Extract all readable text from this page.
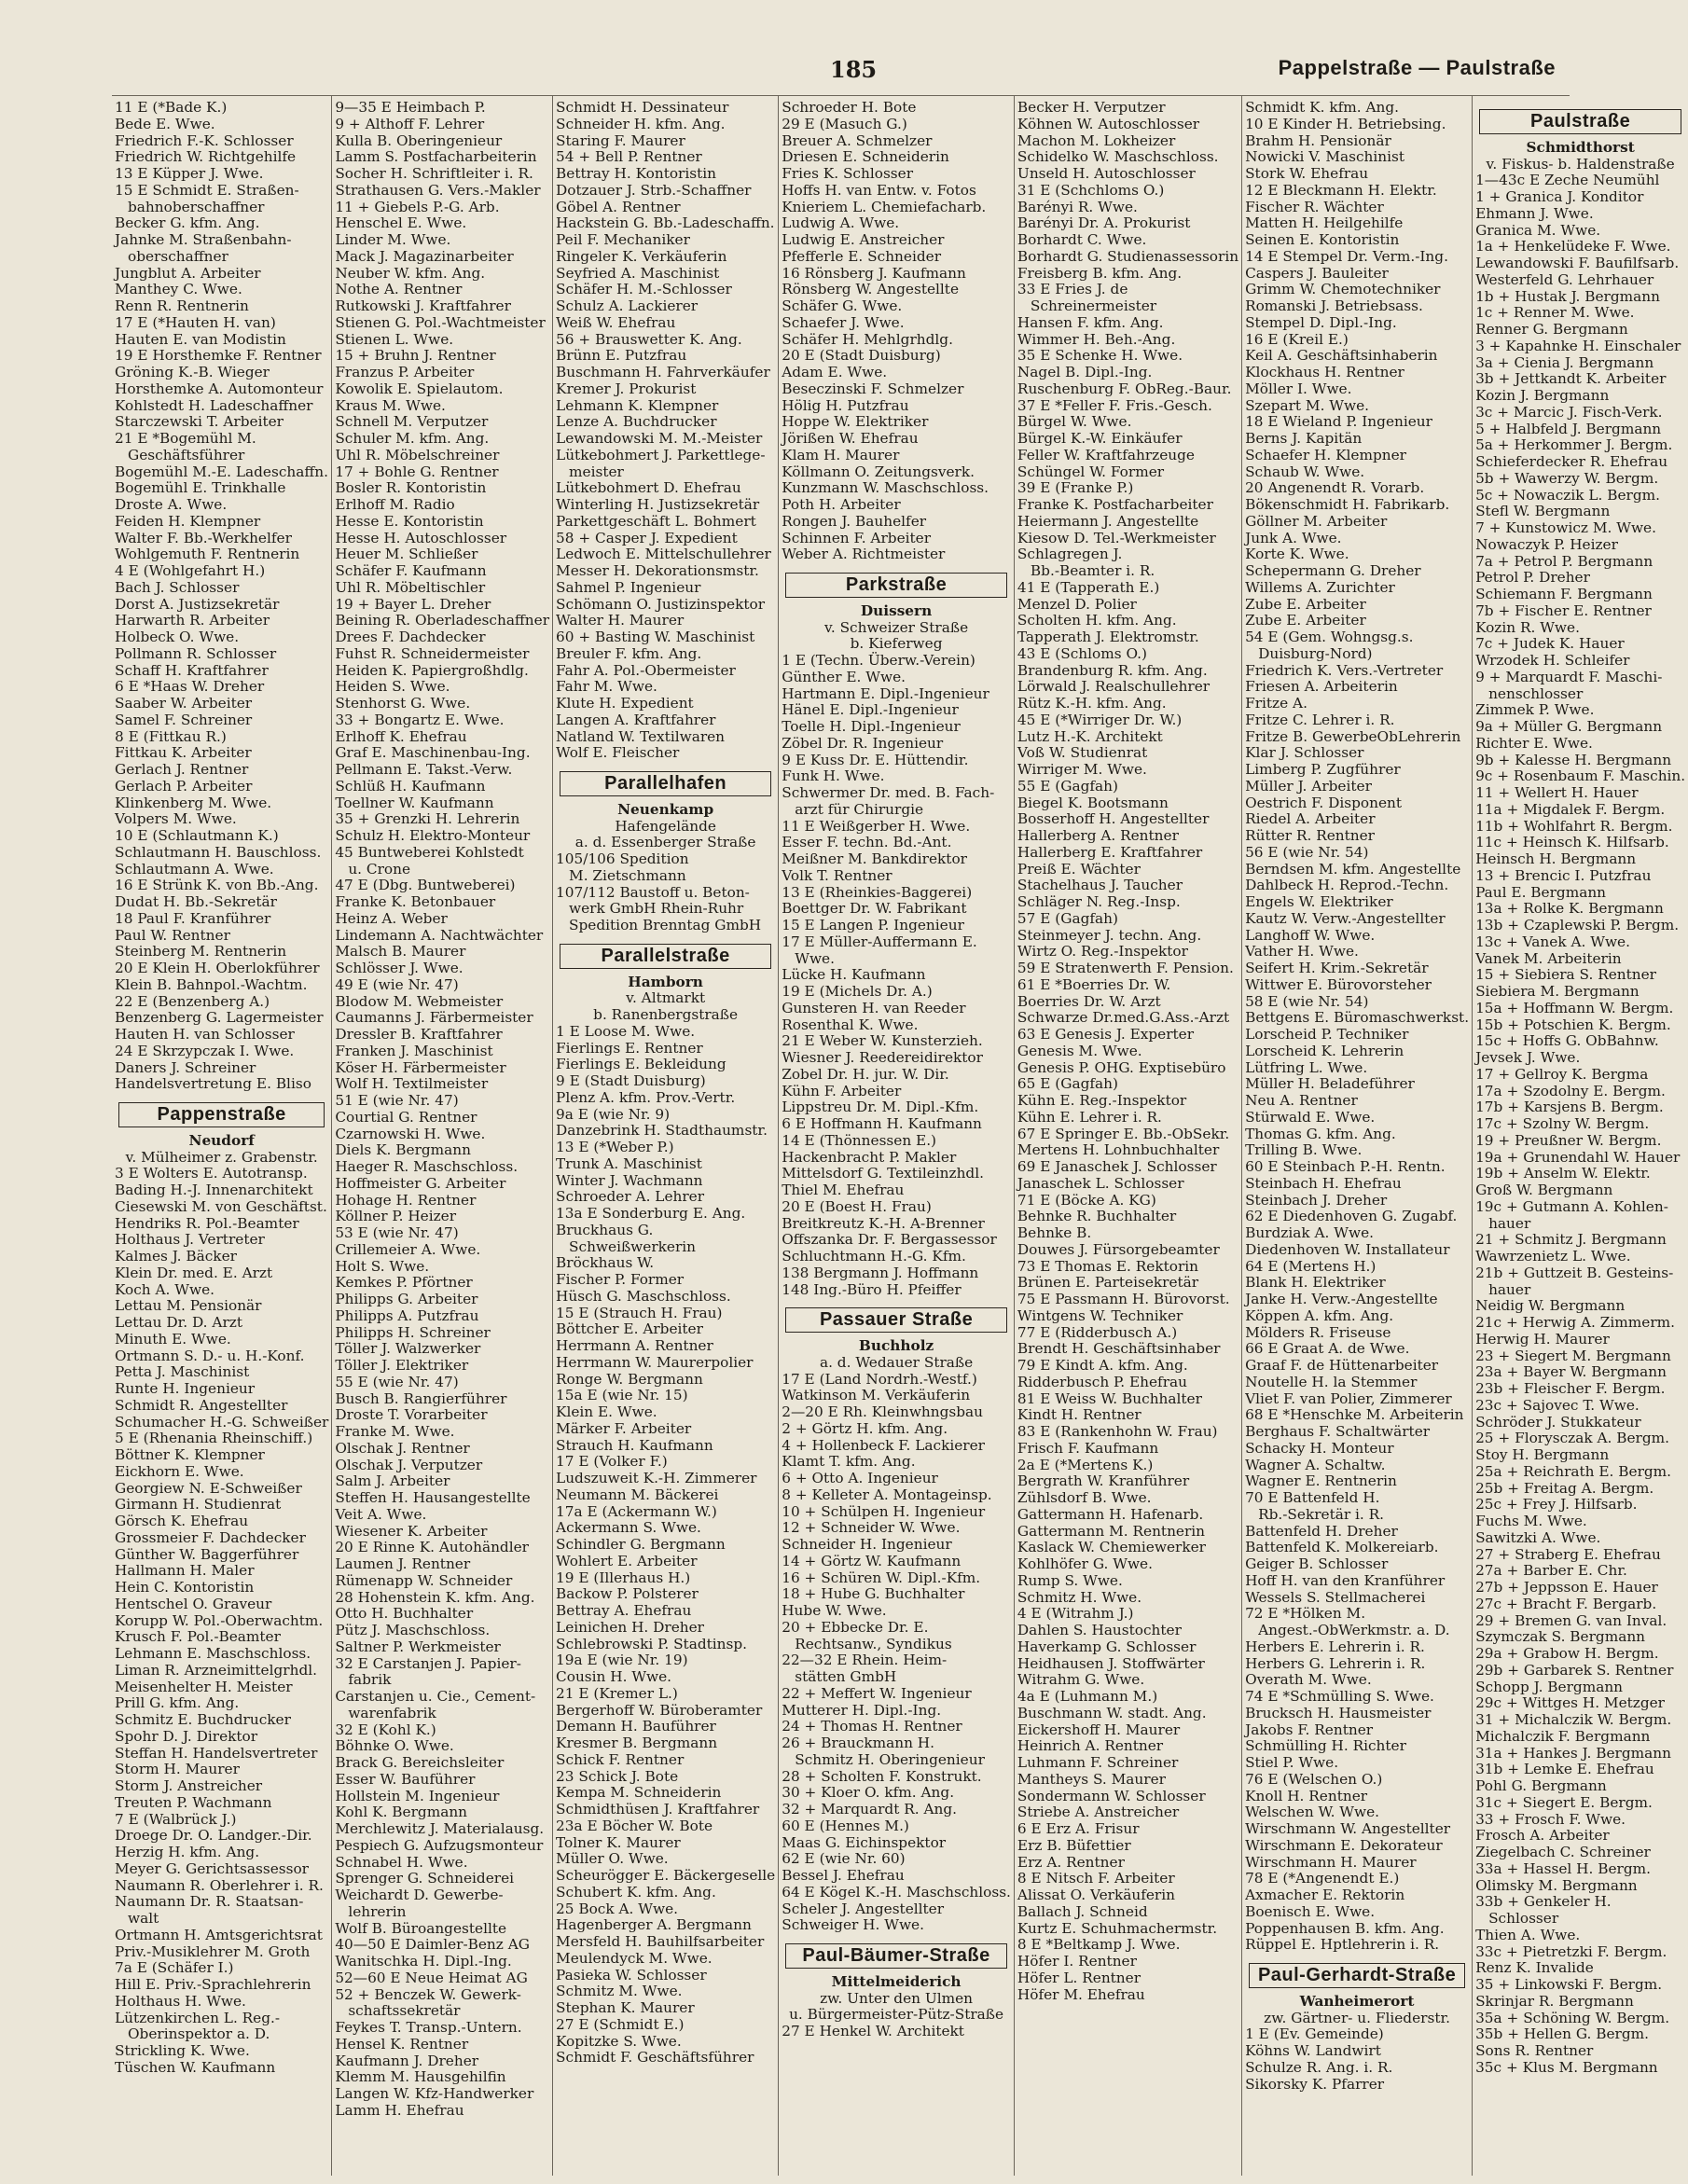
185	Pappelstraße — Paulstraße
11 E (*Bade K.)
Bede E. Wwe.
Friedrich F.-K. Schlosser
Friedrich W. Richtgehilfe
13 E Küpper J. Wwe.
15 E Schmidt E. Straßen-
bahnoberschaffner
Becker G. kfm. Ang.
Jahnke M. Straßenbahn-
oberschaffner
Jungblut A. Arbeiter
Manthey C. Wwe.
Renn R. Rentnerin
17 E (*Hauten H. van)
Hauten E. van Modistin
19 E Horsthemke F. Rentner
Gröning K.-B. Wieger
Horsthemke A. Automonteur
Kohlstedt H. Ladeschaffner
Starczewski T. Arbeiter
21 E *Bogemühl M.
Geschäftsführer
Bogemühl M.-E. Ladeschaffn.
Bogemühl E. Trinkhalle
Droste A. Wwe.
Feiden H. Klempner
Walter F. Bb.-Werkhelfer
Wohlgemuth F. Rentnerin
4 E (Wohlgefahrt H.)
Bach J. Schlosser
Dorst A. Justizsekretär
Harwarth R. Arbeiter
Holbeck O. Wwe.
Pollmann R. Schlosser
Schaff H. Kraftfahrer
6 E *Haas W. Dreher
Saaber W. Arbeiter
Samel F. Schreiner
8 E (Fittkau R.)
Fittkau K. Arbeiter
Gerlach J. Rentner
Gerlach P. Arbeiter
Klinkenberg M. Wwe.
Volpers M. Wwe.
10 E (Schlautmann K.)
Schlautmann H. Bauschloss.
Schlautmann A. Wwe.
16 E Strünk K. von Bb.-Ang.
Dudat H. Bb.-Sekretär
18 Paul F. Kranführer
Paul W. Rentner
Steinberg M. Rentnerin
20 E Klein H. Oberlokführer
Klein B. Bahnpol.-Wachtm.
22 E (Benzenberg A.)
Benzenberg G. Lagermeister
Hauten H. van Schlosser
24 E Skrzypczak I. Wwe.
Daners J. Schreiner
Handelsvertretung E. Bliso
Pappenstraße
Neudorf
v. Mülheimer z. Grabenstr.
3 E Wolters E. Autotransp.
Bading H.-J. Innenarchitekt
Ciesewski M. von Geschäftst.
Hendriks R. Pol.-Beamter
Holthaus J. Vertreter
Kalmes J. Bäcker
Klein Dr. med. E. Arzt
Koch A. Wwe.
Lettau M. Pensionär
Lettau Dr. D. Arzt
Minuth E. Wwe.
Ortmann S. D.- u. H.-Konf.
Petta J. Maschinist
Runte H. Ingenieur
Schmidt R. Angestellter
Schumacher H.-G. Schweißer
5 E (Rhenania Rheinschiff.)
Böttner K. Klempner
Eickhorn E. Wwe.
Georgiew N. E-Schweißer
Girmann H. Studienrat
Görsch K. Ehefrau
Grossmeier F. Dachdecker
Günther W. Baggerführer
Hallmann H. Maler
Hein C. Kontoristin
Hentschel O. Graveur
Korupp W. Pol.-Oberwachtm.
Krusch F. Pol.-Beamter
Lehmann E. Maschschloss.
Liman R. Arzneimittelgrhdl.
Meisenhelter H. Meister
Prill G. kfm. Ang.
Schmitz E. Buchdrucker
Spohr D. J. Direktor
Steffan H. Handelsvertreter
Storm H. Maurer
Storm J. Anstreicher
Treuten P. Wachmann
7 E (Walbrück J.)
Droege Dr. O. Landger.-Dir.
Herzig H. kfm. Ang.
Meyer G. Gerichtsassessor
Naumann R. Oberlehrer i. R.
Naumann Dr. R. Staatsan-
walt
Ortmann H. Amtsgerichtsrat
Priv.-Musiklehrer M. Groth
7a E (Schäfer I.)
Hill E. Priv.-Sprachlehrerin
Holthaus H. Wwe.
Lützenkirchen L. Reg.-
Oberinspektor a. D.
Strickling K. Wwe.
Tüschen W. Kaufmann
9—35 E Heimbach P.
9 + Althoff F. Lehrer
Kulla B. Oberingenieur
Lamm S. Postfacharbeiterin
Socher H. Schriftleiter i. R.
Strathausen G. Vers.-Makler
11 + Giebels P.-G. Arb.
Henschel E. Wwe.
Linder M. Wwe.
Mack J. Magazinarbeiter
Neuber W. kfm. Ang.
Nothe A. Rentner
Rutkowski J. Kraftfahrer
Stienen G. Pol.-Wachtmeister
Stienen L. Wwe.
15 + Bruhn J. Rentner
Franzus P. Arbeiter
Kowolik E. Spielautom.
Kraus M. Wwe.
Schnell M. Verputzer
Schuler M. kfm. Ang.
Uhl R. Möbelschreiner
17 + Bohle G. Rentner
Bosler R. Kontoristin
Erlhoff M. Radio
Hesse E. Kontoristin
Hesse H. Autoschlosser
Heuer M. Schließer
Schäfer F. Kaufmann
Uhl R. Möbeltischler
19 + Bayer L. Dreher
Beining R. Oberladeschaffner
Drees F. Dachdecker
Fuhst R. Schneidermeister
Heiden K. Papiergroßhdlg.
Heiden S. Wwe.
Stenhorst G. Wwe.
33 + Bongartz E. Wwe.
Erlhoff K. Ehefrau
Graf E. Maschinenbau-Ing.
Pellmann E. Takst.-Verw.
Schlüß H. Kaufmann
Toellner W. Kaufmann
35 + Grenzki H. Lehrerin
Schulz H. Elektro-Monteur
45 Buntweberei Kohlstedt
u. Crone
47 E (Dbg. Buntweberei)
Franke K. Betonbauer
Heinz A. Weber
Lindemann A. Nachtwächter
Malsch B. Maurer
Schlösser J. Wwe.
49 E (wie Nr. 47)
Blodow M. Webmeister
Caumanns J. Färbermeister
Dressler B. Kraftfahrer
Franken J. Maschinist
Köser H. Färbermeister
Wolf H. Textilmeister
51 E (wie Nr. 47)
Courtial G. Rentner
Czarnowski H. Wwe.
Diels K. Bergmann
Haeger R. Maschschloss.
Hoffmeister G. Arbeiter
Hohage H. Rentner
Köllner P. Heizer
53 E (wie Nr. 47)
Crillemeier A. Wwe.
Holt S. Wwe.
Kemkes P. Pförtner
Philipps G. Arbeiter
Philipps A. Putzfrau
Philipps H. Schreiner
Töller J. Walzwerker
Töller J. Elektriker
55 E (wie Nr. 47)
Busch B. Rangierführer
Droste T. Vorarbeiter
Franke M. Wwe.
Olschak J. Rentner
Olschak J. Verputzer
Salm J. Arbeiter
Steffen H. Hausangestellte
Veit A. Wwe.
Wiesener K. Arbeiter
20 E Rinne K. Autohändler
Laumen J. Rentner
Rümenapp W. Schneider
28 Hohenstein K. kfm. Ang.
Otto H. Buchhalter
Pütz J. Maschschloss.
Saltner P. Werkmeister
32 E Carstanjen J. Papier-
fabrik
Carstanjen u. Cie., Cement-
warenfabrik
32 E (Kohl K.)
Böhnke O. Wwe.
Brack G. Bereichsleiter
Esser W. Bauführer
Hollstein M. Ingenieur
Kohl K. Bergmann
Merchlewitz J. Materialausg.
Pespiech G. Aufzugsmonteur
Schnabel H. Wwe.
Sprenger G. Schneiderei
Weichardt D. Gewerbe-
lehrerin
Wolf B. Büroangestellte
40—50 E Daimler-Benz AG
Wanitschka H. Dipl.-Ing.
52—60 E Neue Heimat AG
52 + Benczek W. Gewerk-
schaftssekretär
Feykes T. Transp.-Untern.
Hensel K. Rentner
Kaufmann J. Dreher
Klemm M. Hausgehilfin
Langen W. Kfz-Handwerker
Lamm H. Ehefrau
Schmidt H. Dessinateur
Schneider H. kfm. Ang.
Staring F. Maurer
54 + Bell P. Rentner
Bettray H. Kontoristin
Dotzauer J. Strb.-Schaffner
Göbel A. Rentner
Hackstein G. Bb.-Ladeschaffn.
Peil F. Mechaniker
Ringeler K. Verkäuferin
Seyfried A. Maschinist
Schäfer H. M.-Schlosser
Schulz A. Lackierer
Weiß W. Ehefrau
56 + Brauswetter K. Ang.
Brünn E. Putzfrau
Buschmann H. Fahrverkäufer
Kremer J. Prokurist
Lehmann K. Klempner
Lenze A. Buchdrucker
Lewandowski M. M.-Meister
Lütkebohmert J. Parkettlege-
meister
Lütkebohmert D. Ehefrau
Winterling H. Justizsekretär
Parkettgeschäft L. Bohmert
58 + Casper J. Expedient
Ledwoch E. Mittelschullehrer
Messer H. Dekorationsmstr.
Sahmel P. Ingenieur
Schömann O. Justizinspektor
Walter H. Maurer
60 + Basting W. Maschinist
Breuler F. kfm. Ang.
Fahr A. Pol.-Obermeister
Fahr M. Wwe.
Klute H. Expedient
Langen A. Kraftfahrer
Natland W. Textilwaren
Wolf E. Fleischer
Parallelhafen
Neuenkamp
Hafengelände
a. d. Essenberger Straße
105/106 Spedition
M. Zietschmann
107/112 Baustoff u. Beton-
werk GmbH Rhein-Ruhr
Spedition Brenntag GmbH
Parallelstraße
Hamborn
v. Altmarkt
b. Ranenbergstraße
1 E Loose M. Wwe.
Fierlings E. Rentner
Fierlings E. Bekleidung
9 E (Stadt Duisburg)
Plenz A. kfm. Prov.-Vertr.
9a E (wie Nr. 9)
Danzebrink H. Stadthaumstr.
13 E (*Weber P.)
Trunk A. Maschinist
Winter J. Wachmann
Schroeder A. Lehrer
13a E Sonderburg E. Ang.
Bruckhaus G.
Schweißwerkerin
Bröckhaus W.
Fischer P. Former
Hüsch G. Maschschloss.
15 E (Strauch H. Frau)
Böttcher E. Arbeiter
Herrmann A. Rentner
Herrmann W. Maurerpolier
Ronge W. Bergmann
15a E (wie Nr. 15)
Klein E. Wwe.
Märker F. Arbeiter
Strauch H. Kaufmann
17 E (Volker F.)
Ludszuweit K.-H. Zimmerer
Neumann M. Bäckerei
17a E (Ackermann W.)
Ackermann S. Wwe.
Schindler G. Bergmann
Wohlert E. Arbeiter
19 E (Illerhaus H.)
Backow P. Polsterer
Bettray A. Ehefrau
Leinichen H. Dreher
Schlebrowski P. Stadtinsp.
19a E (wie Nr. 19)
Cousin H. Wwe.
21 E (Kremer L.)
Bergerhoff W. Büroberamter
Demann H. Bauführer
Kresmer B. Bergmann
Schick F. Rentner
23 Schick J. Bote
Kempa M. Schneiderin
Schmidthüsen J. Kraftfahrer
23a E Böcher W. Bote
Tolner K. Maurer
Müller O. Wwe.
Scheurögger E. Bäckergeselle
Schubert K. kfm. Ang.
25 Bock A. Wwe.
Hagenberger A. Bergmann
Mersfeld H. Bauhilfsarbeiter
Meulendyck M. Wwe.
Pasieka W. Schlosser
Schmitz M. Wwe.
Stephan K. Maurer
27 E (Schmidt E.)
Kopitzke S. Wwe.
Schmidt F. Geschäftsführer
Schroeder H. Bote
29 E (Masuch G.)
Breuer A. Schmelzer
Driesen E. Schneiderin
Fries K. Schlosser
Hoffs H. van Entw. v. Fotos
Knieriem L. Chemiefacharb.
Ludwig A. Wwe.
Ludwig E. Anstreicher
Pfefferle E. Schneider
16 Rönsberg J. Kaufmann
Rönsberg W. Angestellte
Schäfer G. Wwe.
Schaefer J. Wwe.
Schäfer H. Mehlgrhdlg.
20 E (Stadt Duisburg)
Adam E. Wwe.
Beseczinski F. Schmelzer
Hölig H. Putzfrau
Hoppe W. Elektriker
Jörißen W. Ehefrau
Klam H. Maurer
Köllmann O. Zeitungsverk.
Kunzmann W. Maschschloss.
Poth H. Arbeiter
Rongen J. Bauhelfer
Schinnen F. Arbeiter
Weber A. Richtmeister
Parkstraße
Duissern
v. Schweizer Straße
b. Kieferweg
1 E (Techn. Überw.-Verein)
Günther E. Wwe.
Hartmann E. Dipl.-Ingenieur
Hänel E. Dipl.-Ingenieur
Toelle H. Dipl.-Ingenieur
Zöbel Dr. R. Ingenieur
9 E Kuss Dr. E. Hüttendir.
Funk H. Wwe.
Schwermer Dr. med. B. Fach-
arzt für Chirurgie
11 E Weißgerber H. Wwe.
Esser F. techn. Bd.-Ant.
Meißner M. Bankdirektor
Volk T. Rentner
13 E (Rheinkies-Baggerei)
Boettger Dr. W. Fabrikant
15 E Langen P. Ingenieur
17 E Müller-Auffermann E.
Wwe.
Lücke H. Kaufmann
19 E (Michels Dr. A.)
Gunsteren H. van Reeder
Rosenthal K. Wwe.
21 E Weber W. Kunsterzieh.
Wiesner J. Reedereidirektor
Zobel Dr. H. jur. W. Dir.
Kühn F. Arbeiter
Lippstreu Dr. M. Dipl.-Kfm.
6 E Hoffmann H. Kaufmann
14 E (Thönnessen E.)
Hackenbracht P. Makler
Mittelsdorf G. Textileinzhdl.
Thiel M. Ehefrau
20 E (Boest H. Frau)
Breitkreutz K.-H. A-Brenner
Offszanka Dr. F. Bergassessor
Schluchtmann H.-G. Kfm.
138 Bergmann J. Hoffmann
148 Ing.-Büro H. Pfeiffer
Passauer Straße
Buchholz
a. d. Wedauer Straße
17 E (Land Nordrh.-Westf.)
Watkinson M. Verkäuferin
2—20 E Rh. Kleinwhngsbau
2 + Görtz H. kfm. Ang.
4 + Hollenbeck F. Lackierer
Klamt T. kfm. Ang.
6 + Otto A. Ingenieur
8 + Kelleter A. Montageinsp.
10 + Schülpen H. Ingenieur
12 + Schneider W. Wwe.
Schneider H. Ingenieur
14 + Görtz W. Kaufmann
16 + Schüren W. Dipl.-Kfm.
18 + Hube G. Buchhalter
Hube W. Wwe.
20 + Ebbecke Dr. E.
Rechtsanw., Syndikus
22—32 E Rhein. Heim-
stätten GmbH
22 + Meffert W. Ingenieur
Mutterer H. Dipl.-Ing.
24 + Thomas H. Rentner
26 + Brauckmann H.
Schmitz H. Oberingenieur
28 + Scholten F. Konstrukt.
30 + Kloer O. kfm. Ang.
32 + Marquardt R. Ang.
60 E (Hennes M.)
Maas G. Eichinspektor
62 E (wie Nr. 60)
Bessel J. Ehefrau
64 E Kögel K.-H. Maschschloss.
Scheler J. Angestellter
Schweiger H. Wwe.
Paul-Bäumer-Straße
Mittelmeiderich
zw. Unter den Ulmen
u. Bürgermeister-Pütz-Straße
27 E Henkel W. Architekt
Becker H. Verputzer
Köhnen W. Autoschlosser
Machon M. Lokheizer
Schidelko W. Maschschloss.
Unseld H. Autoschlosser
31 E (Schchloms O.)
Barényi R. Wwe.
Barényi Dr. A. Prokurist
Borhardt C. Wwe.
Borhardt G. Studienassessorin
Freisberg B. kfm. Ang.
33 E Fries J. de
Schreinermeister
Hansen F. kfm. Ang.
Wimmer H. Beh.-Ang.
35 E Schenke H. Wwe.
Nagel B. Dipl.-Ing.
Ruschenburg F. ObReg.-Baur.
37 E *Feller F. Fris.-Gesch.
Bürgel W. Wwe.
Bürgel K.-W. Einkäufer
Feller W. Kraftfahrzeuge
Schüngel W. Former
39 E (Franke P.)
Franke K. Postfacharbeiter
Heiermann J. Angestellte
Kiesow D. Tel.-Werkmeister
Schlagregen J.
Bb.-Beamter i. R.
41 E (Tapperath E.)
Menzel D. Polier
Scholten H. kfm. Ang.
Tapperath J. Elektromstr.
43 E (Schloms O.)
Brandenburg R. kfm. Ang.
Lörwald J. Realschullehrer
Rütz K.-H. kfm. Ang.
45 E (*Wirriger Dr. W.)
Lutz H.-K. Architekt
Voß W. Studienrat
Wirriger M. Wwe.
55 E (Gagfah)
Biegel K. Bootsmann
Bosserhoff H. Angestellter
Hallerberg A. Rentner
Hallerberg E. Kraftfahrer
Preiß E. Wächter
Stachelhaus J. Taucher
Schläger N. Reg.-Insp.
57 E (Gagfah)
Steinmeyer J. techn. Ang.
Wirtz O. Reg.-Inspektor
59 E Stratenwerth F. Pension.
61 E *Boerries Dr. W.
Boerries Dr. W. Arzt
Schwarze Dr.med.G.Ass.-Arzt
63 E Genesis J. Experter
Genesis M. Wwe.
Genesis P. OHG. Exptisebüro
65 E (Gagfah)
Kühn E. Reg.-Inspektor
Kühn E. Lehrer i. R.
67 E Springer E. Bb.-ObSekr.
Mertens H. Lohnbuchhalter
69 E Janaschek J. Schlosser
Janaschek L. Schlosser
71 E (Böcke A. KG)
Behnke R. Buchhalter
Behnke B.
Douwes J. Fürsorgebeamter
73 E Thomas E. Rektorin
Brünen E. Parteisekretär
75 E Passmann H. Bürovorst.
Wintgens W. Techniker
77 E (Ridderbusch A.)
Brendt H. Geschäftsinhaber
79 E Kindt A. kfm. Ang.
Ridderbusch P. Ehefrau
81 E Weiss W. Buchhalter
Kindt H. Rentner
83 E (Rankenhohn W. Frau)
Frisch F. Kaufmann
2a E (*Mertens K.)
Bergrath W. Kranführer
Zühlsdorf B. Wwe.
Gattermann H. Hafenarb.
Gattermann M. Rentnerin
Kaslack W. Chemiewerker
Kohlhöfer G. Wwe.
Rump S. Wwe.
Schmitz H. Wwe.
4 E (Witrahm J.)
Dahlen S. Haustochter
Haverkamp G. Schlosser
Heidhausen J. Stoffwärter
Witrahm G. Wwe.
4a E (Luhmann M.)
Buschmann W. stadt. Ang.
Eickershoff H. Maurer
Heinrich A. Rentner
Luhmann F. Schreiner
Mantheys S. Maurer
Sondermann W. Schlosser
Striebe A. Anstreicher
6 E Erz A. Frisur
Erz B. Büfettier
Erz A. Rentner
8 E Nitsch F. Arbeiter
Alissat O. Verkäuferin
Ballach J. Schneid
Kurtz E. Schuhmachermstr.
8 E *Beltkamp J. Wwe.
Höfer I. Rentner
Höfer L. Rentner
Höfer M. Ehefrau
Schmidt K. kfm. Ang.
10 E Kinder H. Betriebsing.
Brahm H. Pensionär
Nowicki V. Maschinist
Stork W. Ehefrau
12 E Bleckmann H. Elektr.
Fischer R. Wächter
Matten H. Heilgehilfe
Seinen E. Kontoristin
14 E Stempel Dr. Verm.-Ing.
Caspers J. Bauleiter
Grimm W. Chemotechniker
Romanski J. Betriebsass.
Stempel D. Dipl.-Ing.
16 E (Kreil E.)
Keil A. Geschäftsinhaberin
Klockhaus H. Rentner
Möller I. Wwe.
Szepart M. Wwe.
18 E Wieland P. Ingenieur
Berns J. Kapitän
Schaefer H. Klempner
Schaub W. Wwe.
20 Angenendt R. Vorarb.
Bökenschmidt H. Fabrikarb.
Göllner M. Arbeiter
Junk A. Wwe.
Korte K. Wwe.
Schepermann G. Dreher
Willems A. Zurichter
Zube E. Arbeiter
Zube E. Arbeiter
54 E (Gem. Wohngsg.s.
Duisburg-Nord)
Friedrich K. Vers.-Vertreter
Friesen A. Arbeiterin
Fritze A.
Fritze C. Lehrer i. R.
Fritze B. GewerbeObLehrerin
Klar J. Schlosser
Limberg P. Zugführer
Müller J. Arbeiter
Oestrich F. Disponent
Riedel A. Arbeiter
Rütter R. Rentner
56 E (wie Nr. 54)
Berndsen M. kfm. Angestellte
Dahlbeck H. Reprod.-Techn.
Engels W. Elektriker
Kautz W. Verw.-Angestellter
Langhoff W. Wwe.
Vather H. Wwe.
Seifert H. Krim.-Sekretär
Wittwer E. Bürovorsteher
58 E (wie Nr. 54)
Bettgens E. Büromaschwerkst.
Lorscheid P. Techniker
Lorscheid K. Lehrerin
Lütfring L. Wwe.
Müller H. Beladeführer
Neu A. Rentner
Stürwald E. Wwe.
Thomas G. kfm. Ang.
Trilling B. Wwe.
60 E Steinbach P.-H. Rentn.
Steinbach H. Ehefrau
Steinbach J. Dreher
62 E Diedenhoven G. Zugabf.
Burdziak A. Wwe.
Diedenhoven W. Installateur
64 E (Mertens H.)
Blank H. Elektriker
Janke H. Verw.-Angestellte
Köppen A. kfm. Ang.
Mölders R. Friseuse
66 E Graat A. de Wwe.
Graaf F. de Hüttenarbeiter
Noutelle H. la Stemmer
Vliet F. van Polier, Zimmerer
68 E *Henschke M. Arbeiterin
Berghaus F. Schaltwärter
Schacky H. Monteur
Wagner A. Schaltw.
Wagner E. Rentnerin
70 E Battenfeld H.
Rb.-Sekretär i. R.
Battenfeld H. Dreher
Battenfeld K. Molkereiarb.
Geiger B. Schlosser
Hoff H. van den Kranführer
Wessels S. Stellmacherei
72 E *Hölken M.
Angest.-ObWerkmstr. a. D.
Herbers E. Lehrerin i. R.
Herbers G. Lehrerin i. R.
Overath M. Wwe.
74 E *Schmülling S. Wwe.
Brucksch H. Hausmeister
Jakobs F. Rentner
Schmülling H. Richter
Stiel P. Wwe.
76 E (Welschen O.)
Knoll H. Rentner
Welschen W. Wwe.
Wirschmann W. Angestellter
Wirschmann E. Dekorateur
Wirschmann H. Maurer
78 E (*Angenendt E.)
Axmacher E. Rektorin
Boenisch E. Wwe.
Poppenhausen B. kfm. Ang.
Rüppel E. Hptlehrerin i. R.
Paul-Gerhardt-Straße
Wanheimerort
zw. Gärtner- u. Fliederstr.
1 E (Ev. Gemeinde)
Köhns W. Landwirt
Schulze R. Ang. i. R.
Sikorsky K. Pfarrer
Paulstraße
Schmidthorst
v. Fiskus- b. Haldenstraße
1—43c E Zeche Neumühl
1 + Granica J. Konditor
Ehmann J. Wwe.
Granica M. Wwe.
1a + Henkelüdeke F. Wwe.
Lewandowski F. Baufilfsarb.
Westerfeld G. Lehrhauer
1b + Hustak J. Bergmann
1c + Renner M. Wwe.
Renner G. Bergmann
3 + Kapahnke H. Einschaler
3a + Cienia J. Bergmann
3b + Jettkandt K. Arbeiter
Kozin J. Bergmann
3c + Marcic J. Fisch-Verk.
5 + Halbfeld J. Bergmann
5a + Herkommer J. Bergm.
Schieferdecker R. Ehefrau
5b + Wawerzy W. Bergm.
5c + Nowaczik L. Bergm.
Stefl W. Bergmann
7 + Kunstowicz M. Wwe.
Nowaczyk P. Heizer
7a + Petrol P. Bergmann
Petrol P. Dreher
Schiemann F. Bergmann
7b + Fischer E. Rentner
Kozin R. Wwe.
7c + Judek K. Hauer
Wrzodek H. Schleifer
9 + Marquardt F. Maschi-
nenschlosser
Zimmek P. Wwe.
9a + Müller G. Bergmann
Richter E. Wwe.
9b + Kalesse H. Bergmann
9c + Rosenbaum F. Maschin.
11 + Wellert H. Hauer
11a + Migdalek F. Bergm.
11b + Wohlfahrt R. Bergm.
11c + Heinsch K. Hilfsarb.
Heinsch H. Bergmann
13 + Brencic I. Putzfrau
Paul E. Bergmann
13a + Rolke K. Bergmann
13b + Czaplewski P. Bergm.
13c + Vanek A. Wwe.
Vanek M. Arbeiterin
15 + Siebiera S. Rentner
Siebiera M. Bergmann
15a + Hoffmann W. Bergm.
15b + Potschien K. Bergm.
15c + Hoffs G. ObBahnw.
Jevsek J. Wwe.
17 + Gellroy K. Bergma
17a + Szodolny E. Bergm.
17b + Karsjens B. Bergm.
17c + Szolny W. Bergm.
19 + Preußner W. Bergm.
19a + Grunendahl W. Hauer
19b + Anselm W. Elektr.
Groß W. Bergmann
19c + Gutmann A. Kohlen-
hauer
21 + Schmitz J. Bergmann
Wawrzenietz L. Wwe.
21b + Guttzeit B. Gesteins-
hauer
Neidig W. Bergmann
21c + Herwig A. Zimmerm.
Herwig H. Maurer
23 + Siegert M. Bergmann
23a + Bayer W. Bergmann
23b + Fleischer F. Bergm.
23c + Sajovec T. Wwe.
Schröder J. Stukkateur
25 + Florysczak A. Bergm.
Stoy H. Bergmann
25a + Reichrath E. Bergm.
25b + Freitag A. Bergm.
25c + Frey J. Hilfsarb.
Fuchs M. Wwe.
Sawitzki A. Wwe.
27 + Straberg E. Ehefrau
27a + Barber E. Chr.
27b + Jeppsson E. Hauer
27c + Bracht F. Bergarb.
29 + Bremen G. van Inval.
Szymczak S. Bergmann
29a + Grabow H. Bergm.
29b + Garbarek S. Rentner
Schopp J. Bergmann
29c + Wittges H. Metzger
31 + Michalczik W. Bergm.
Michalczik F. Bergmann
31a + Hankes J. Bergmann
31b + Lemke E. Ehefrau
Pohl G. Bergmann
31c + Siegert E. Bergm.
33 + Frosch F. Wwe.
Frosch A. Arbeiter
Ziegelbach C. Schreiner
33a + Hassel H. Bergm.
Olimsky M. Bergmann
33b + Genkeler H.
Schlosser
Thien A. Wwe.
33c + Pietretzki F. Bergm.
Renz K. Invalide
35 + Linkowski F. Bergm.
Skrinjar R. Bergmann
35a + Schöning W. Bergm.
35b + Hellen G. Bergm.
Sons R. Rentner
35c + Klus M. Bergmann
